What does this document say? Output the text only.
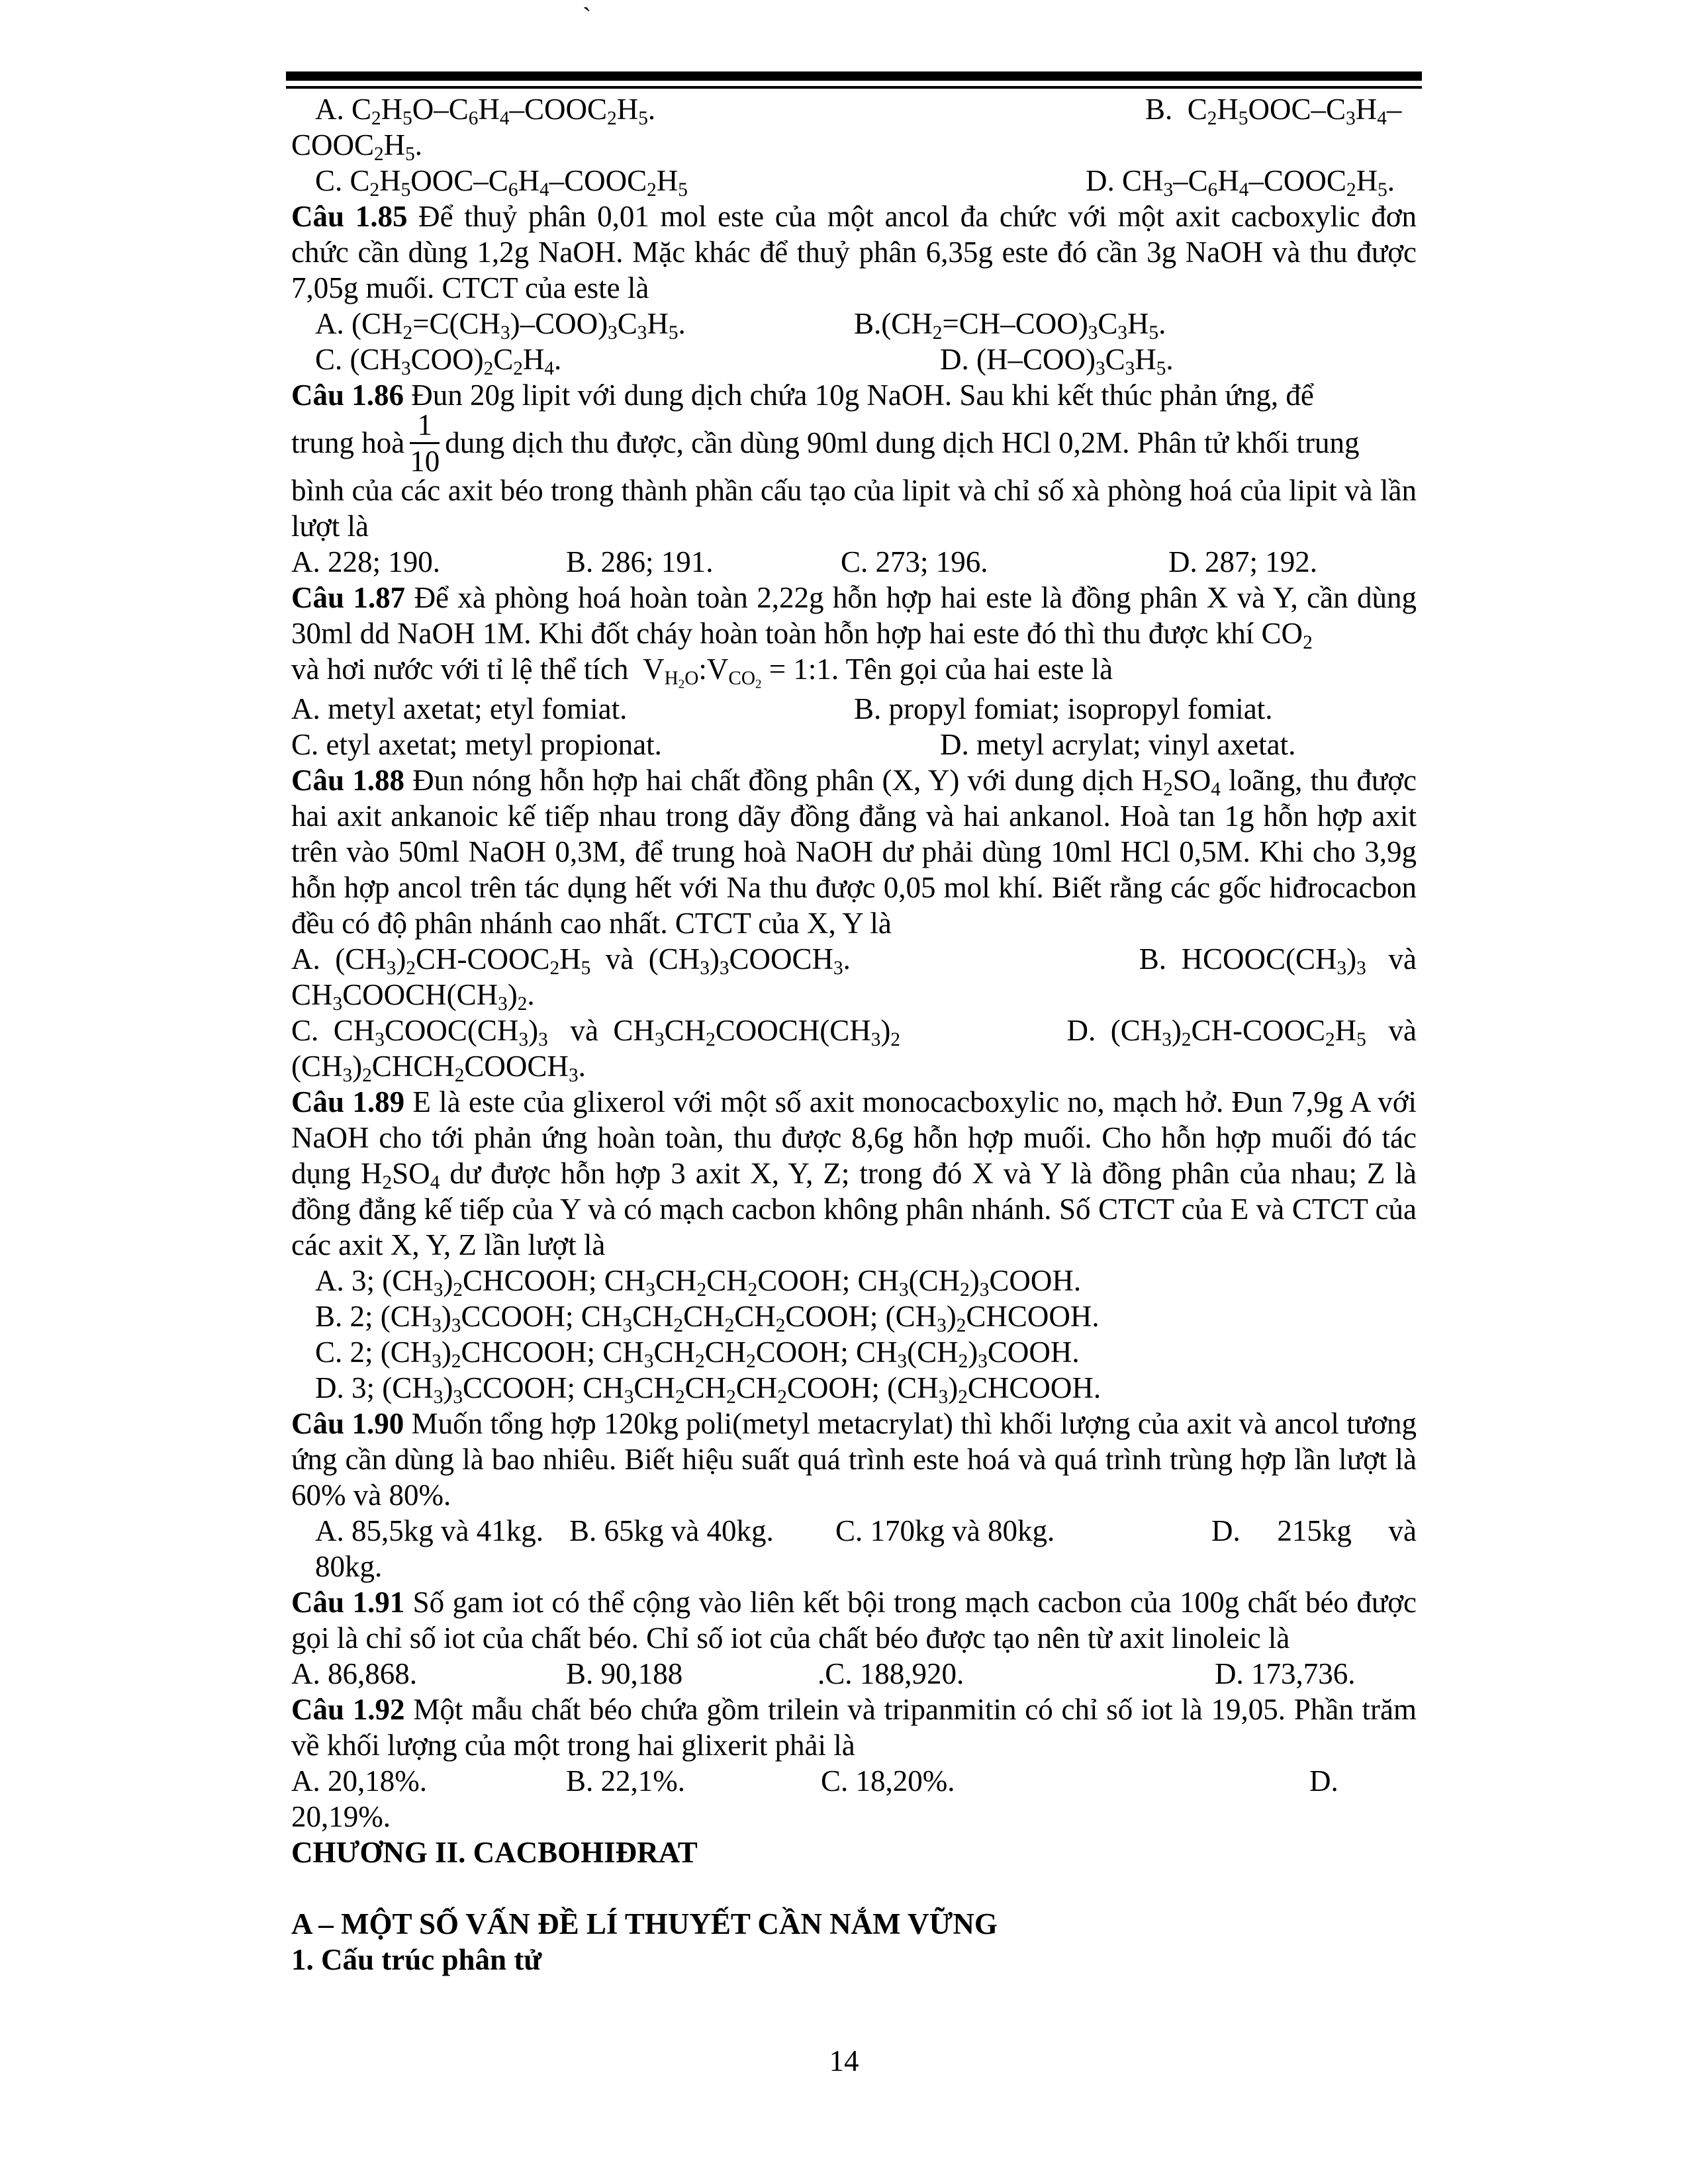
`
A. $C_2H_5O-C_6H_4-COOC_2H_5$.	B.  $C_2H_5OOC-C_3H_4-$
$COOC_2H_5$.
C. $C_2H_5OOC-C_6H_4-COOC_2H_5$	D. $CH_3-C_6H_4-COOC_2H_5$.

Câu 1.85 Để thuỷ phân 0,01 mol este của một ancol đa chức với một axit cacboxylic đơn chức cần dùng 1,2g NaOH. Mặc khác để thuỷ phân 6,35g este đó cần 3g NaOH và thu được 7,05g muối. CTCT của este là

A. $(CH_2=C(CH_3)-COO)_3C_3H_5$.	$B.(CH_2=CH-COO)_3C_3H_5$.
C. $(CH_3COO)_2C_2H_4$.	D. $(H-COO)_3C_3H_5$.
Câu 1.86 Đun 20g lipit với dung dịch chứa 10g NaOH. Sau khi kết thúc phản ứng, để
trung hoà $\frac{1}{10}$ dung dịch thu được, cần dùng 90ml dung dịch HCl 0,2M. Phân tử khối trung

bình của các axit béo trong thành phần cấu tạo của lipit và chỉ số xà phòng hoá của lipit và lần lượt là

A. 228; 190.	B. 286; 191.	C. 273; 196.	D. 287; 192.

Câu 1.87 Để xà phòng hoá hoàn toàn 2,22g hỗn hợp hai este là đồng phân X và Y, cần dùng 30ml dd NaOH 1M. Khi đốt cháy hoàn toàn hỗn hợp hai este đó thì thu được khí $CO_2$

và hơi nước với tỉ lệ thể tích  $V_{H_2O}:V_{CO_2}$ = 1:1. Tên gọi của hai este là
A. metyl axetat; etyl fomiat.	B. propyl fomiat; isopropyl fomiat.
C. etyl axetat; metyl propionat.	D. metyl acrylat; vinyl axetat.

Câu 1.88 Đun nóng hỗn hợp hai chất đồng phân (X, Y) với dung dịch $H_2SO_4$ loãng, thu được hai axit ankanoic kế tiếp nhau trong dãy đồng đẳng và hai ankanol. Hoà tan 1g hỗn hợp axit trên vào 50ml NaOH 0,3M, để trung hoà NaOH dư phải dùng 10ml HCl 0,5M. Khi cho 3,9g hỗn hợp ancol trên tác dụng hết với Na thu được 0,05 mol khí. Biết rằng các gốc hiđrocacbon đều có độ phân nhánh cao nhất. CTCT của X, Y là

A.  $(CH_3)_2CH-COOC_2H_5$  và  $(CH_3)_3COOCH_3$.	B.  $HCOOC(CH_3)_3$   và
$CH_3COOCH(CH_3)_2$.
C.  $CH_3COOC(CH_3)_3$   và  $CH_3CH_2COOCH(CH_3)_2$	D.  $(CH_3)_2CH-COOC_2H_5$   và
$(CH_3)_2CHCH_2COOCH_3$.

Câu 1.89 E là este của glixerol với một số axit monocacboxylic no, mạch hở. Đun 7,9g A với NaOH cho tới phản ứng hoàn toàn, thu được 8,6g hỗn hợp muối. Cho hỗn hợp muối đó tác dụng $H_2SO_4$ dư được hỗn hợp 3 axit X, Y, Z; trong đó X và Y là đồng phân của nhau; Z là đồng đẳng kế tiếp của Y và có mạch cacbon không phân nhánh. Số CTCT của E và CTCT của các axit X, Y, Z lần lượt là

A. 3; $(CH_3)_2CHCOOH$; $CH_3CH_2CH_2COOH$; $CH_3(CH_2)_3COOH$.
B. 2; $(CH_3)_3CCOOH$; $CH_3CH_2CH_2CH_2COOH$; $(CH_3)_2CHCOOH$.
C. 2; $(CH_3)_2CHCOOH$; $CH_3CH_2CH_2COOH$; $CH_3(CH_2)_3COOH$.
D. 3; $(CH_3)_3CCOOH$; $CH_3CH_2CH_2CH_2COOH$; $(CH_3)_2CHCOOH$.

Câu 1.90 Muốn tổng hợp 120kg poli(metyl metacrylat) thì khối lượng của axit và ancol tương ứng cần dùng là bao nhiêu. Biết hiệu suất quá trình este hoá và quá trình trùng hợp lần lượt là 60% và 80%.

A. 85,5kg và 41kg. B. 65kg và 40kg. C. 170kg và 80kg.	D. 215kg và
80kg.

Câu 1.91 Số gam iot có thể cộng vào liên kết bội trong mạch cacbon của 100g chất béo được gọi là chỉ số iot của chất béo. Chỉ số iot của chất béo được tạo nên từ axit linoleic là

A. 86,868.	B. 90,188	.C. 188,920.	D. 173,736.

Câu 1.92 Một mẫu chất béo chứa gồm trilein và tripanmitin có chỉ số iot là 19,05. Phần trăm về khối lượng của một trong hai glixerit phải là

A. 20,18%.	B. 22,1%.	C. 18,20%.	D.
20,19%.
CHƯƠNG II. CACBOHIĐRAT
A – MỘT SỐ VẤN ĐỀ LÍ THUYẾT CẦN NẮM VỮNG
1. Cấu trúc phân tử
14
